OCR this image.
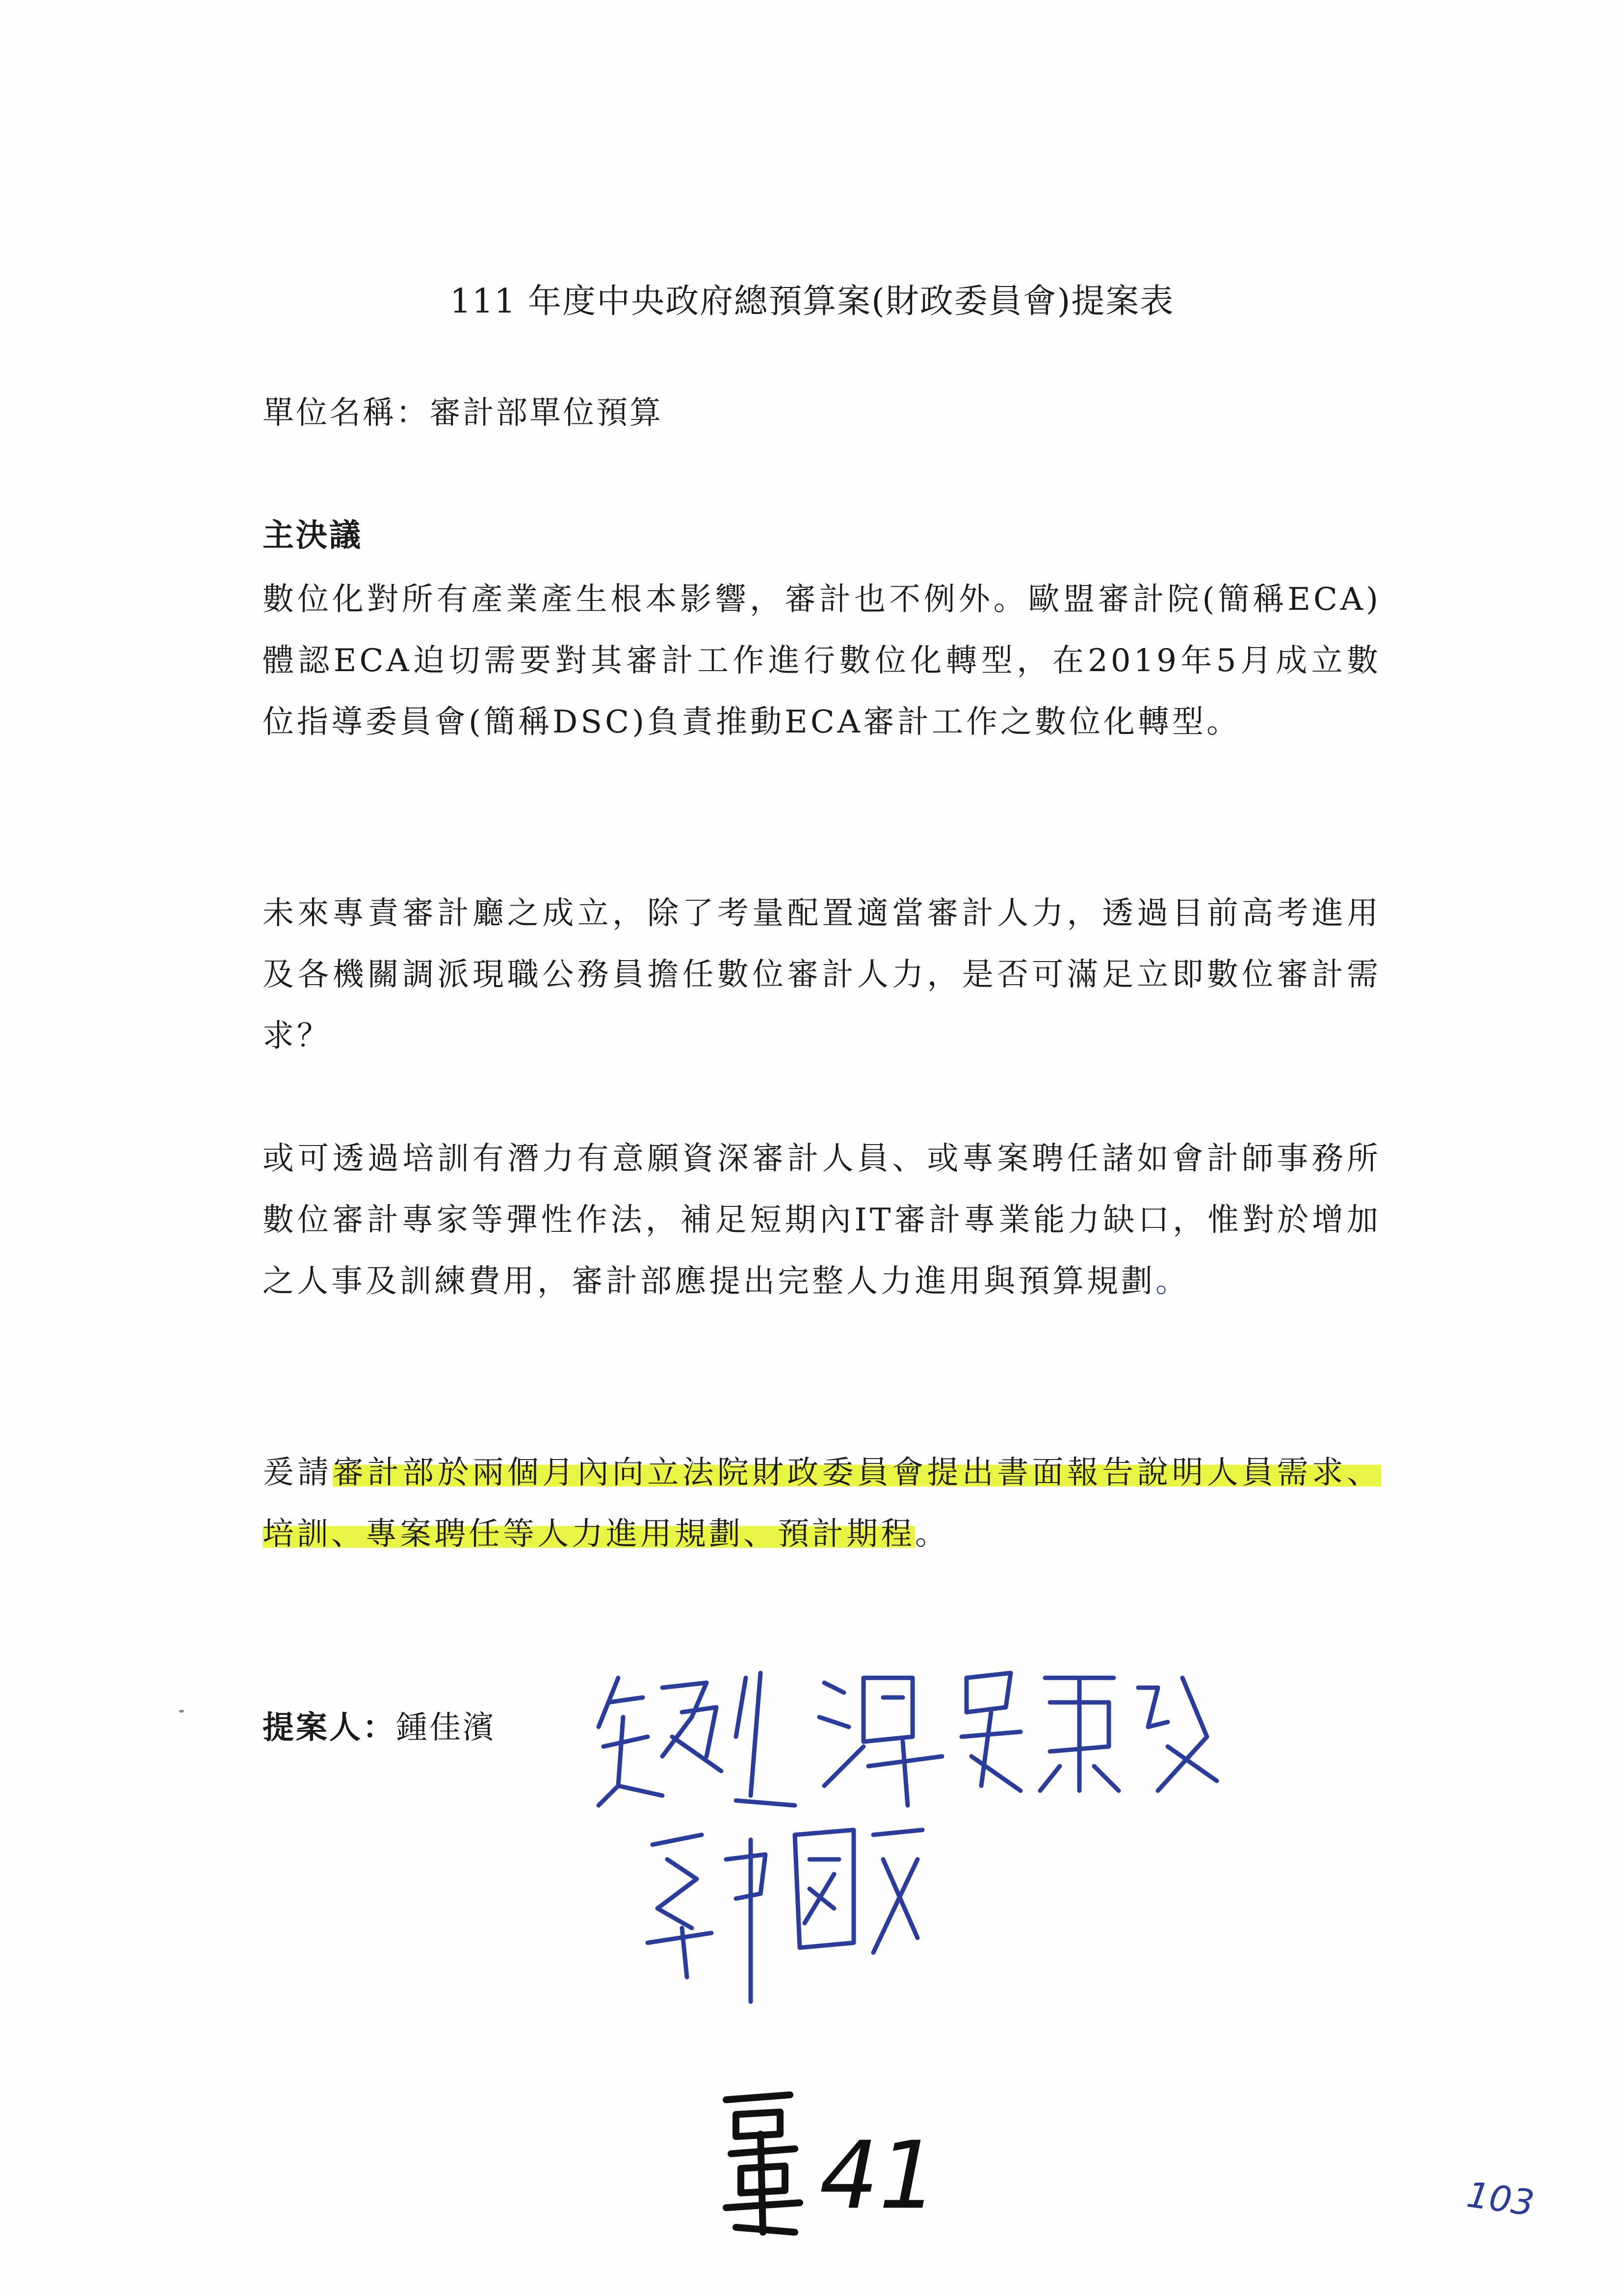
111 年度中央政府總預算案(財政委員會)提案表
單位名稱：審計部單位預算
主決議

數位化對所有產業產生根本影響，審計也不例外。歐盟審計院(簡稱ECA)體認ECA迫切需要對其審計工作進行數位化轉型，在2019年5月成立數位指導委員會(簡稱DSC)負責推動ECA審計工作之數位化轉型。

未來專責審計廳之成立，除了考量配置適當審計人力，透過目前高考進用及各機關調派現職公務員擔任數位審計人力，是否可滿足立即數位審計需求？

或可透過培訓有潛力有意願資深審計人員、或專案聘任諸如會計師事務所數位審計專家等彈性作法，補足短期內IT審計專業能力缺口，惟對於增加之人事及訓練費用，審計部應提出完整人力進用與預算規劃。

爰請審計部於兩個月內向立法院財政委員會提出書面報告說明人員需求、培訓、專案聘任等人力進用規劃、預計期程。

提案人：鍾佳濱
41	103
